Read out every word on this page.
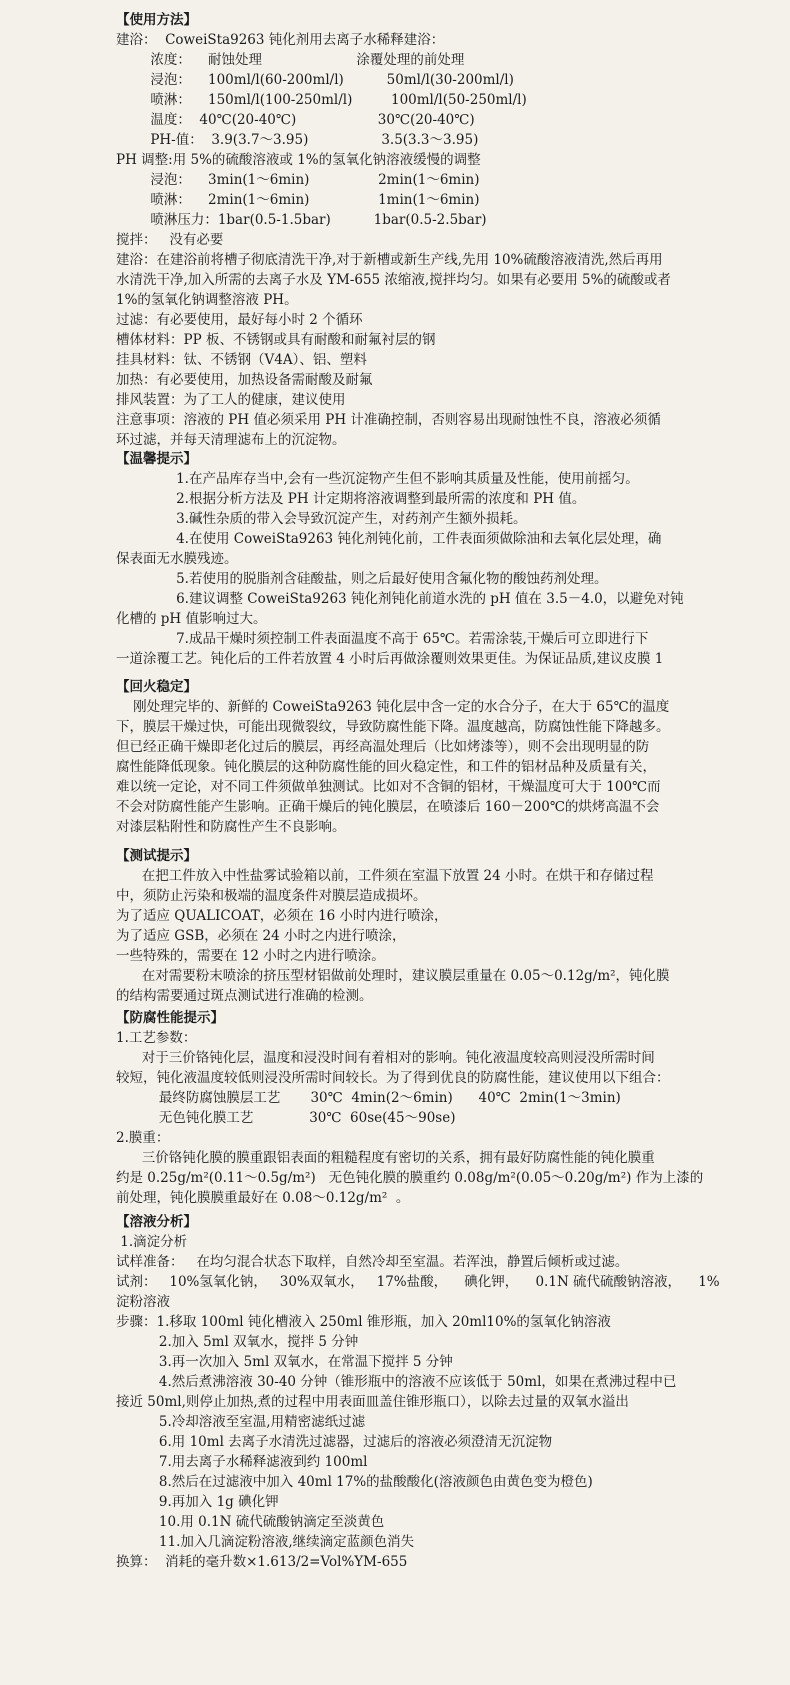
【使用方法】
建浴：  CoweiSta9263 钝化剂用去离子水稀释建浴：
浓度：    耐蚀处理                      涂覆处理的前处理
浸泡：    100ml/l(60-200ml/l)          50ml/l(30-200ml/l)
喷淋：    150ml/l(100-250ml/l)         100ml/l(50-250ml/l)
温度：  40℃(20-40℃)                   30℃(20-40℃)
PH-值：  3.9(3.7～3.95)                 3.5(3.3～3.95)
PH 调整:用 5%的硫酸溶液或 1%的氢氧化钠溶液缓慢的调整
浸泡：    3min(1～6min)                2min(1～6min)
喷淋：    2min(1～6min)                1min(1～6min)
喷淋压力：1bar(0.5-1.5bar)          1bar(0.5-2.5bar)
搅拌：   没有必要
建浴：在建浴前将槽子彻底清洗干净,对于新槽或新生产线,先用 10%硫酸溶液清洗,然后再用
水清洗干净,加入所需的去离子水及 YM-655 浓缩液,搅拌均匀。如果有必要用 5%的硫酸或者
1%的氢氧化钠调整溶液 PH。
过滤：有必要使用，最好每小时 2 个循环
槽体材料：PP 板、不锈钢或具有耐酸和耐氟衬层的钢
挂具材料：钛、不锈钢（V4A）、铝、塑料
加热：有必要使用，加热设备需耐酸及耐氟
排风装置：为了工人的健康，建议使用
注意事项：溶液的 PH 值必须采用 PH 计准确控制，否则容易出现耐蚀性不良，溶液必须循
环过滤，并每天清理滤布上的沉淀物。
【温馨提示】
1.在产品库存当中,会有一些沉淀物产生但不影响其质量及性能，使用前摇匀。
2.根据分析方法及 PH 计定期将溶液调整到最所需的浓度和 PH 值。
3.碱性杂质的带入会导致沉淀产生，对药剂产生额外损耗。
4.在使用 CoweiSta9263 钝化剂钝化前，工件表面须做除油和去氧化层处理，确
保表面无水膜残迹。
5.若使用的脱脂剂含硅酸盐，则之后最好使用含氟化物的酸蚀药剂处理。
6.建议调整 CoweiSta9263 钝化剂钝化前道水洗的 pH 值在 3.5－4.0，以避免对钝
化槽的 pH 值影响过大。
7.成品干燥时须控制工件表面温度不高于 65℃。若需涂装,干燥后可立即进行下
一道涂覆工艺。钝化后的工件若放置 4 小时后再做涂覆则效果更佳。为保证品质,建议皮膜 1
【回火稳定】
刚处理完毕的、新鲜的 CoweiSta9263 钝化层中含一定的水合分子，在大于 65℃的温度
下，膜层干燥过快，可能出现微裂纹，导致防腐性能下降。温度越高，防腐蚀性能下降越多。
但已经正确干燥即老化过后的膜层，再经高温处理后（比如烤漆等），则不会出现明显的防
腐性能降低现象。钝化膜层的这种防腐性能的回火稳定性，和工件的铝材品种及质量有关，
难以统一定论，对不同工件须做单独测试。比如对不含铜的铝材，干燥温度可大于 100℃而
不会对防腐性能产生影响。正确干燥后的钝化膜层，在喷漆后 160－200℃的烘烤高温不会
对漆层粘附性和防腐性产生不良影响。
【测试提示】
在把工件放入中性盐雾试验箱以前，工件须在室温下放置 24 小时。在烘干和存储过程
中，须防止污染和极端的温度条件对膜层造成损坏。
为了适应 QUALICOAT，必须在 16 小时内进行喷涂，
为了适应 GSB，必须在 24 小时之内进行喷涂，
一些特殊的，需要在 12 小时之内进行喷涂。
在对需要粉末喷涂的挤压型材铝做前处理时，建议膜层重量在 0.05～0.12g/m²，钝化膜
的结构需要通过斑点测试进行准确的检测。
【防腐性能提示】
1.工艺参数：
对于三价铬钝化层，温度和浸没时间有着相对的影响。钝化液温度较高则浸没所需时间
较短，钝化液温度较低则浸没所需时间较长。为了得到优良的防腐性能，建议使用以下组合：
最终防腐蚀膜层工艺       30℃  4min(2～6min)      40℃  2min(1～3min)
无色钝化膜工艺             30℃  60se(45～90se)
2.膜重：
三价铬钝化膜的膜重跟铝表面的粗糙程度有密切的关系，拥有最好防腐性能的钝化膜重
约是 0.25g/m²(0.11～0.5g/m²)   无色钝化膜的膜重约 0.08g/m²(0.05～0.20g/m²) 作为上漆的
前处理，钝化膜膜重最好在 0.08～0.12g/m²  。
【溶液分析】
1.滴淀分析
试样准备：   在均匀混合状态下取样，自然冷却至室温。若浑浊，静置后倾析或过滤。
试剂：   10%氢氧化钠，   30%双氧水，   17%盐酸，    碘化钾，    0.1N 硫代硫酸钠溶液，    1%
淀粉溶液
步骤：1.移取 100ml 钝化槽液入 250ml 锥形瓶，加入 20ml10%的氢氧化钠溶液
2.加入 5ml 双氧水，搅拌 5 分钟
3.再一次加入 5ml 双氧水，在常温下搅拌 5 分钟
4.然后煮沸溶液 30-40 分钟（锥形瓶中的溶液不应该低于 50ml，如果在煮沸过程中已
接近 50ml,则停止加热,煮的过程中用表面皿盖住锥形瓶口），以除去过量的双氧水溢出
5.冷却溶液至室温,用精密滤纸过滤
6.用 10ml 去离子水清洗过滤器，过滤后的溶液必须澄清无沉淀物
7.用去离子水稀释滤液到约 100ml
8.然后在过滤液中加入 40ml 17%的盐酸酸化(溶液颜色由黄色变为橙色)
9.再加入 1g 碘化钾
10.用 0.1N 硫代硫酸钠滴定至淡黄色
11.加入几滴淀粉溶液,继续滴定蓝颜色消失
换算：  消耗的毫升数×1.613/2=Vol%YM-655
